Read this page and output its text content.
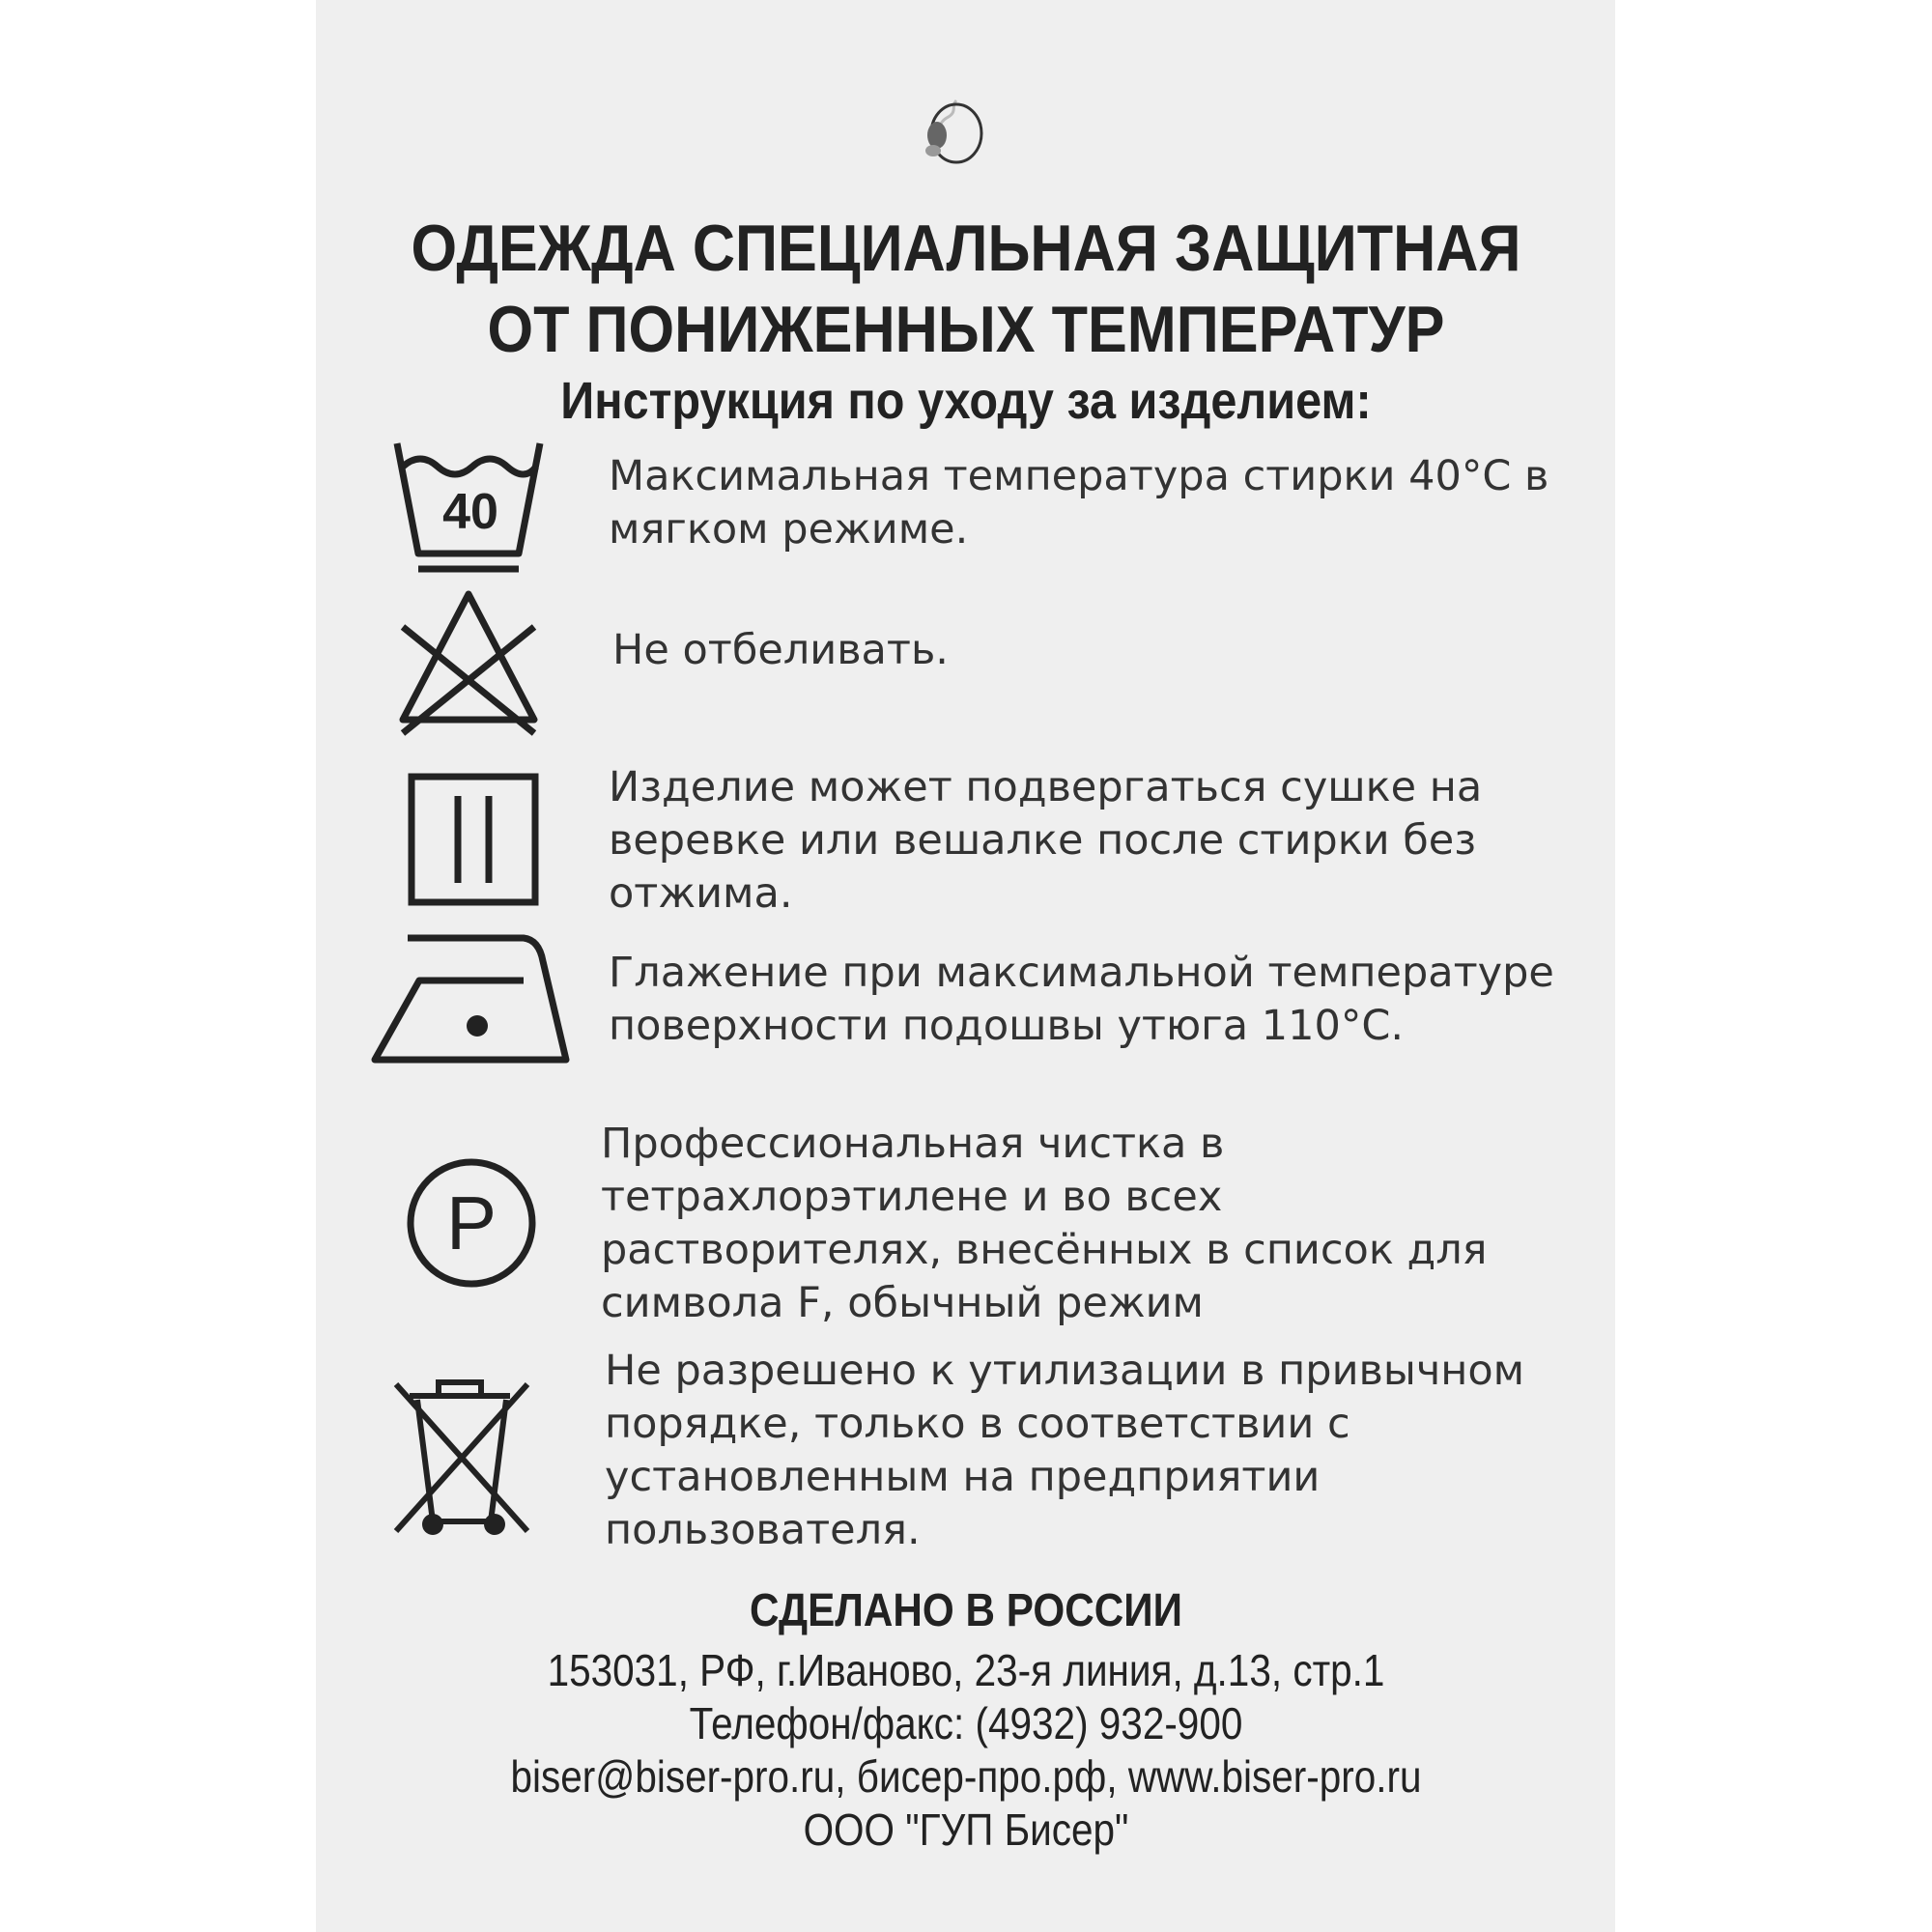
ОДЕЖДА СПЕЦИАЛЬНАЯ ЗАЩИТНАЯ
ОТ ПОНИЖЕННЫХ ТЕМПЕРАТУР
Инструкция по уходу за изделием:
40
Максимальная температура стирки 40°С в
мягком режиме.
Не отбеливать.
Изделие может подвергаться сушке на
веревке или вешалке после стирки без
отжима.
Глажение при максимальной температуре
поверхности подошвы утюга 110°С.
P
Профессиональная чистка в
тетрахлорэтилене и во всех
растворителях, внесённых в список для
символа F, обычный режим
Не разрешено к утилизации в привычном
порядке, только в соответствии с
установленным на предприятии
пользователя.
СДЕЛАНО В РОССИИ
153031, РФ, г.Иваново, 23-я линия, д.13, стр.1
Телефон/факс: (4932) 932-900
biser@biser-pro.ru, бисер-про.рф, www.biser-pro.ru
ООО "ГУП Бисер"
